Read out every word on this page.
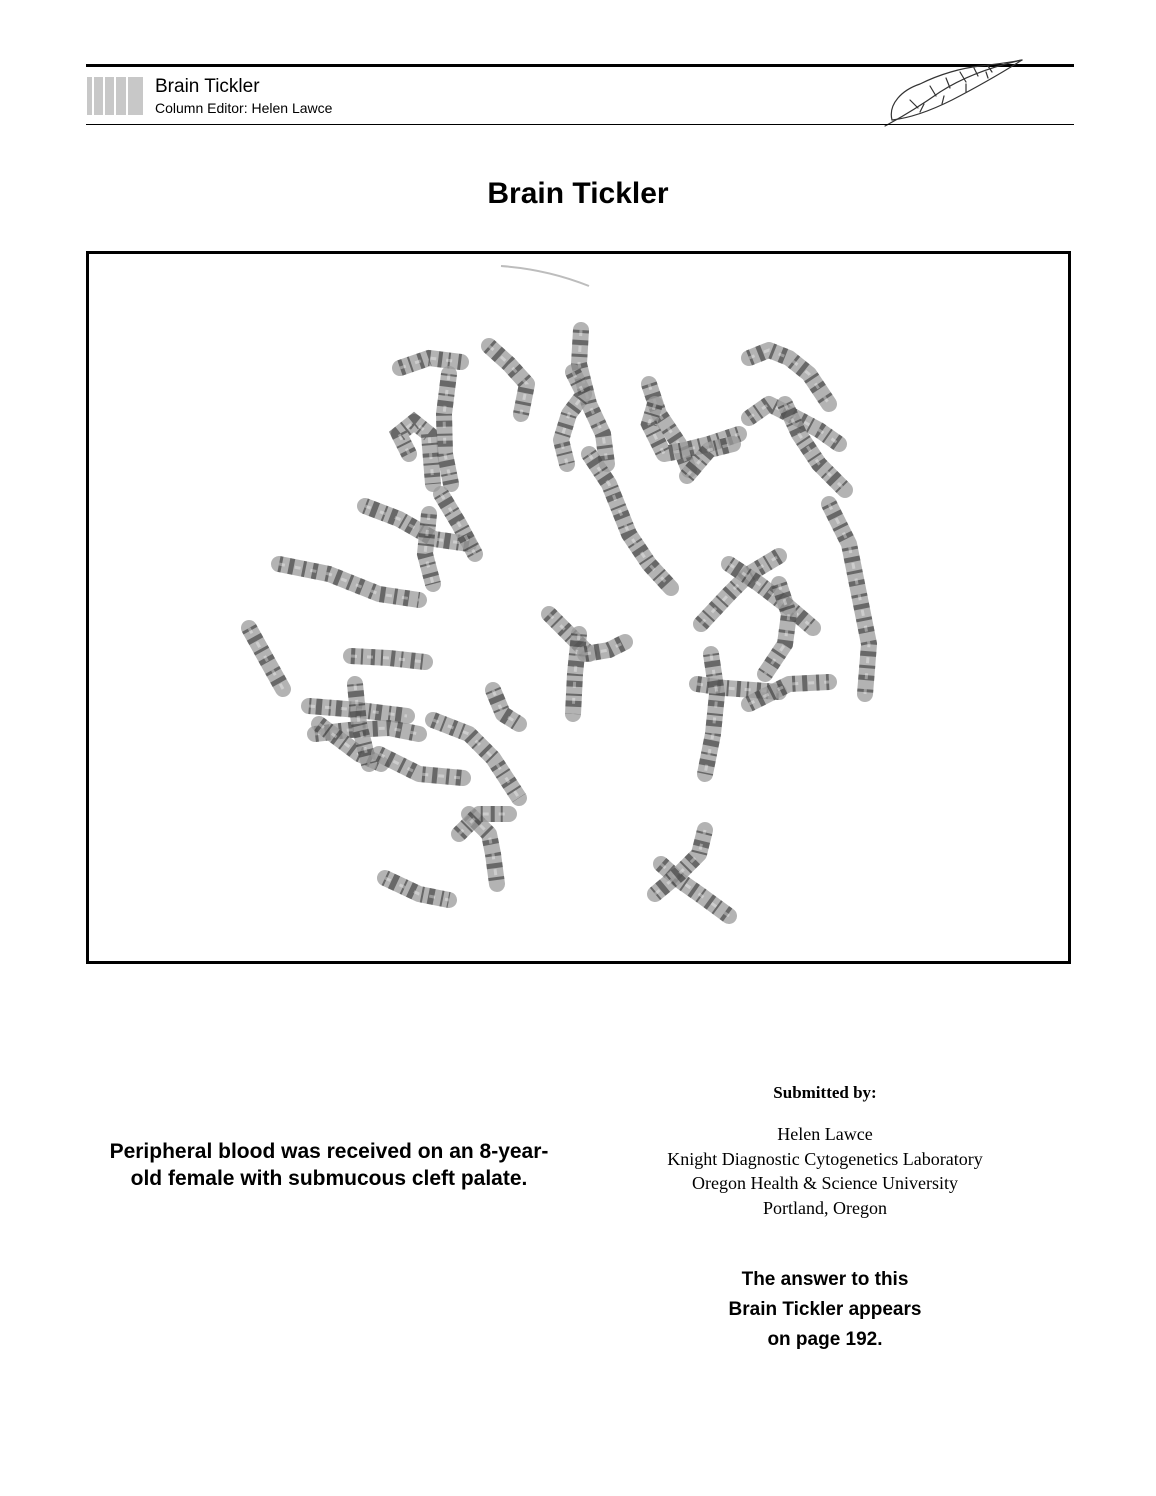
Brain Tickler
Column Editor: Helen Lawce
Brain Tickler
Peripheral blood was received on an 8-year-old female with submucous cleft palate.
Submitted by:
Helen Lawce
Knight Diagnostic Cytogenetics Laboratory
Oregon Health & Science University
Portland, Oregon
The answer to this
Brain Tickler appears
on page 192.
